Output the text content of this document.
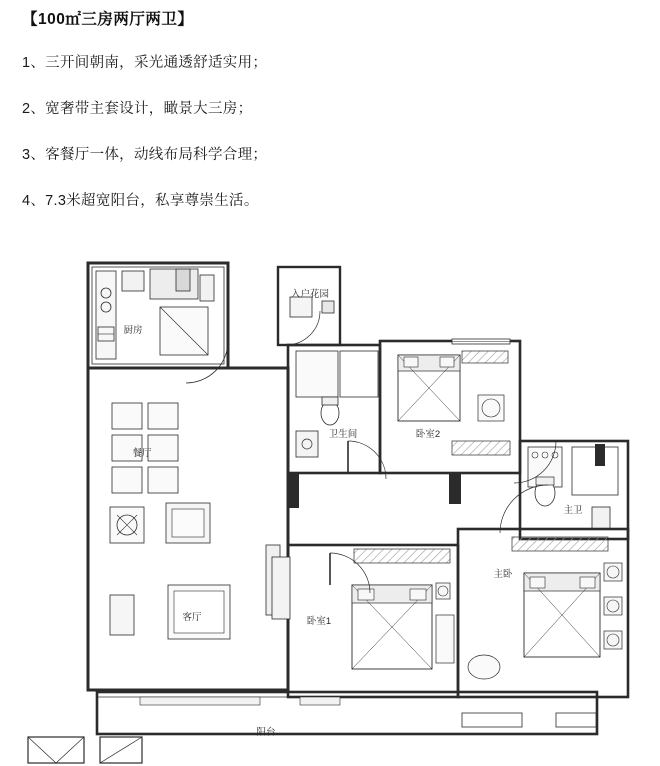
【100㎡三房两厅两卫】

1、三开间朝南，采光通透舒适实用；

2、宽奢带主套设计，瞰景大三房；

3、客餐厅一体，动线布局科学合理；

4、7.3米超宽阳台，私享尊崇生活。

厨房
入户花园
餐厅
卫生间	卧室2
主卫
客厅	卧室1
主卧
阳台
